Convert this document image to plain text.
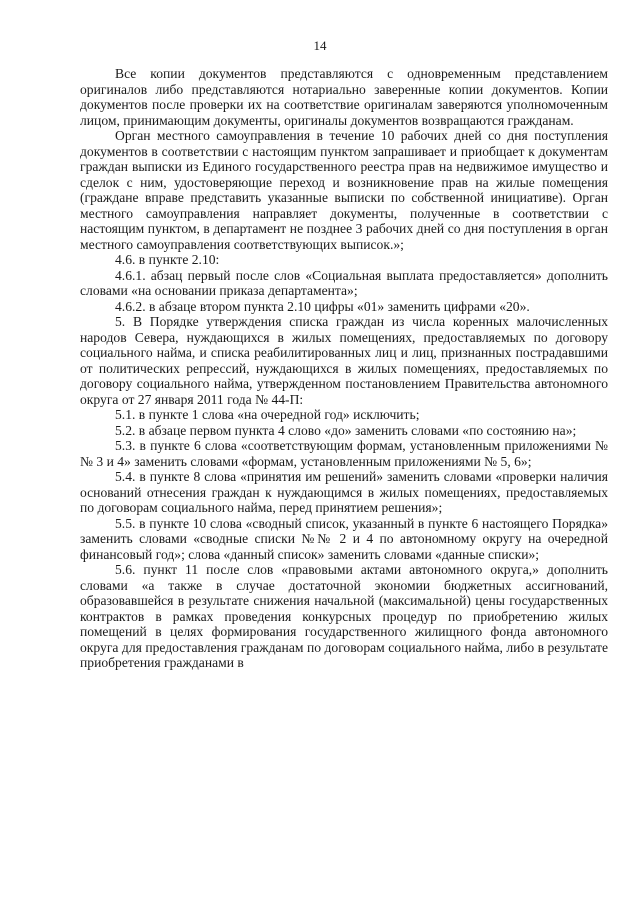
14

Все копии документов представляются с одновременным представлением оригиналов либо представляются нотариально заверенные копии документов. Копии документов после проверки их на соответствие оригиналам заверяются уполномоченным лицом, принимающим документы, оригиналы документов возвращаются гражданам.

Орган местного самоуправления в течение 10 рабочих дней со дня поступления документов в соответствии с настоящим пунктом запрашивает и приобщает к документам граждан выписки из Единого государственного реестра прав на недвижимое имущество и сделок с ним, удостоверяющие переход и возникновение прав на жилые помещения (граждане вправе представить указанные выписки по собственной инициативе). Орган местного самоуправления направляет документы, полученные в соответствии с настоящим пунктом, в департамент не позднее 3 рабочих дней со дня поступления в орган местного самоуправления соответствующих выписок.»;

4.6. в пункте 2.10:

4.6.1. абзац первый после слов «Социальная выплата предоставляется» дополнить словами «на основании приказа департамента»;

4.6.2. в абзаце втором пункта 2.10 цифры «01» заменить цифрами «20».

5. В Порядке утверждения списка граждан из числа коренных малочисленных народов Севера, нуждающихся в жилых помещениях, предоставляемых по договору социального найма, и списка реабилитированных лиц и лиц, признанных пострадавшими от политических репрессий, нуждающихся в жилых помещениях, предоставляемых по договору социального найма, утвержденном постановлением Правительства автономного округа от 27 января 2011 года № 44-П:

5.1. в пункте 1 слова «на очередной год» исключить;

5.2. в абзаце первом пункта 4 слово «до» заменить словами «по состоянию на»;

5.3. в пункте 6 слова «соответствующим формам, установленным приложениями №№ 3 и 4» заменить словами «формам, установленным приложениями № 5, 6»;

5.4. в пункте 8 слова «принятия им решений» заменить словами «проверки наличия оснований отнесения граждан к нуждающимся в жилых помещениях, предоставляемых по договорам социального найма, перед принятием решения»;

5.5. в пункте 10 слова «сводный список, указанный в пункте 6 настоящего Порядка» заменить словами «сводные списки №№ 2 и 4 по автономному округу на очередной финансовый год»; слова «данный список» заменить словами «данные списки»;

5.6. пункт 11 после слов «правовыми актами автономного округа,» дополнить словами «а также в случае достаточной экономии бюджетных ассигнований, образовавшейся в результате снижения начальной (максимальной) цены государственных контрактов в рамках проведения конкурсных процедур по приобретению жилых помещений в целях формирования государственного жилищного фонда автономного округа для предоставления гражданам по договорам социального найма, либо в результате приобретения гражданами в
